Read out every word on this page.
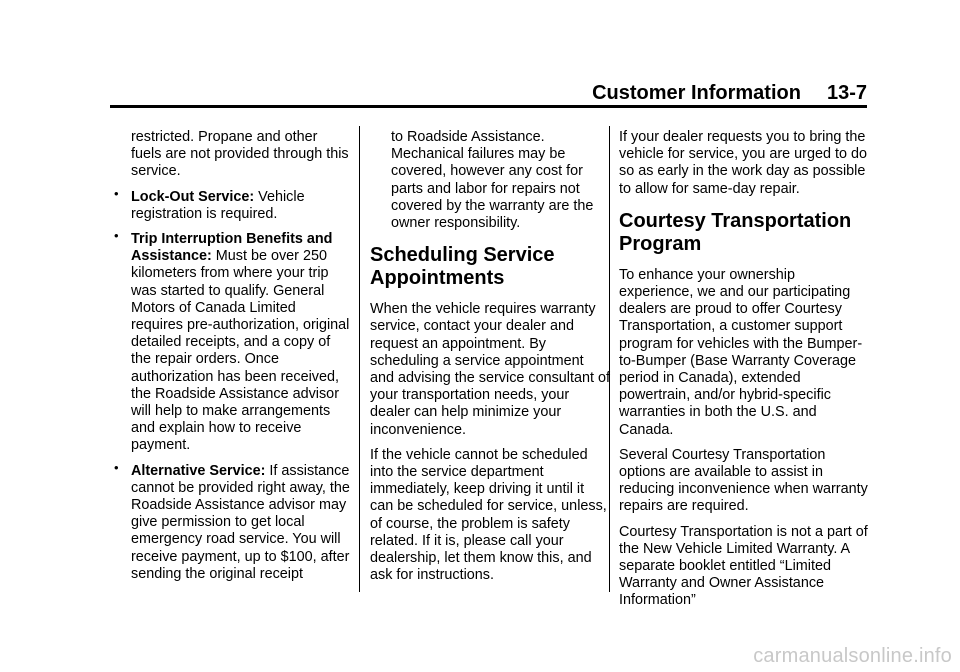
Customer Information 13-7
restricted. Propane and other fuels are not provided through this service.
• Lock-Out Service: Vehicle registration is required.
• Trip Interruption Benefits and Assistance: Must be over 250 kilometers from where your trip was started to qualify. General Motors of Canada Limited requires pre-authorization, original detailed receipts, and a copy of the repair orders. Once authorization has been received, the Roadside Assistance advisor will help to make arrangements and explain how to receive payment.
• Alternative Service: If assistance cannot be provided right away, the Roadside Assistance advisor may give permission to get local emergency road service. You will receive payment, up to $100, after sending the original receipt
to Roadside Assistance. Mechanical failures may be covered, however any cost for parts and labor for repairs not covered by the warranty are the owner responsibility.
Scheduling Service Appointments

When the vehicle requires warranty service, contact your dealer and request an appointment. By scheduling a service appointment and advising the service consultant of your transportation needs, your dealer can help minimize your inconvenience.

If the vehicle cannot be scheduled into the service department immediately, keep driving it until it can be scheduled for service, unless, of course, the problem is safety related. If it is, please call your dealership, let them know this, and ask for instructions.

If your dealer requests you to bring the vehicle for service, you are urged to do so as early in the work day as possible to allow for same-day repair.

Courtesy Transportation Program

To enhance your ownership experience, we and our participating dealers are proud to offer Courtesy Transportation, a customer support program for vehicles with the Bumper-to-Bumper (Base Warranty Coverage period in Canada), extended powertrain, and/or hybrid-specific warranties in both the U.S. and Canada.

Several Courtesy Transportation options are available to assist in reducing inconvenience when warranty repairs are required.

Courtesy Transportation is not a part of the New Vehicle Limited Warranty. A separate booklet entitled “Limited Warranty and Owner Assistance Information”

carmanualsonline.info
